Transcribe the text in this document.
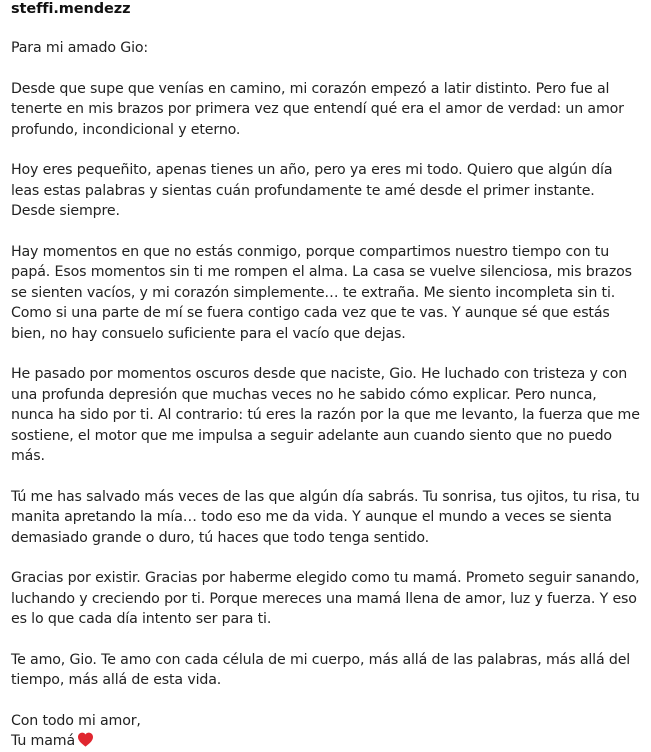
steffi.mendezz

Para mi amado Gio:

Desde que supe que venías en camino, mi corazón empezó a latir distinto. Pero fue al tenerte en mis brazos por primera vez que entendí qué era el amor de verdad: un amor profundo, incondicional y eterno.

Hoy eres pequeñito, apenas tienes un año, pero ya eres mi todo. Quiero que algún día leas estas palabras y sientas cuán profundamente te amé desde el primer instante. Desde siempre.

Hay momentos en que no estás conmigo, porque compartimos nuestro tiempo con tu papá. Esos momentos sin ti me rompen el alma. La casa se vuelve silenciosa, mis brazos se sienten vacíos, y mi corazón simplemente… te extraña. Me siento incompleta sin ti. Como si una parte de mí se fuera contigo cada vez que te vas. Y aunque sé que estás bien, no hay consuelo suficiente para el vacío que dejas.

He pasado por momentos oscuros desde que naciste, Gio. He luchado con tristeza y con una profunda depresión que muchas veces no he sabido cómo explicar. Pero nunca, nunca ha sido por ti. Al contrario: tú eres la razón por la que me levanto, la fuerza que me sostiene, el motor que me impulsa a seguir adelante aun cuando siento que no puedo más.

Tú me has salvado más veces de las que algún día sabrás. Tu sonrisa, tus ojitos, tu risa, tu manita apretando la mía… todo eso me da vida. Y aunque el mundo a veces se sienta demasiado grande o duro, tú haces que todo tenga sentido.

Gracias por existir. Gracias por haberme elegido como tu mamá. Prometo seguir sanando, luchando y creciendo por ti. Porque mereces una mamá llena de amor, luz y fuerza. Y eso es lo que cada día intento ser para ti.

Te amo, Gio. Te amo con cada célula de mi cuerpo, más allá de las palabras, más allá del tiempo, más allá de esta vida.

Con todo mi amor,
Tu mamá
